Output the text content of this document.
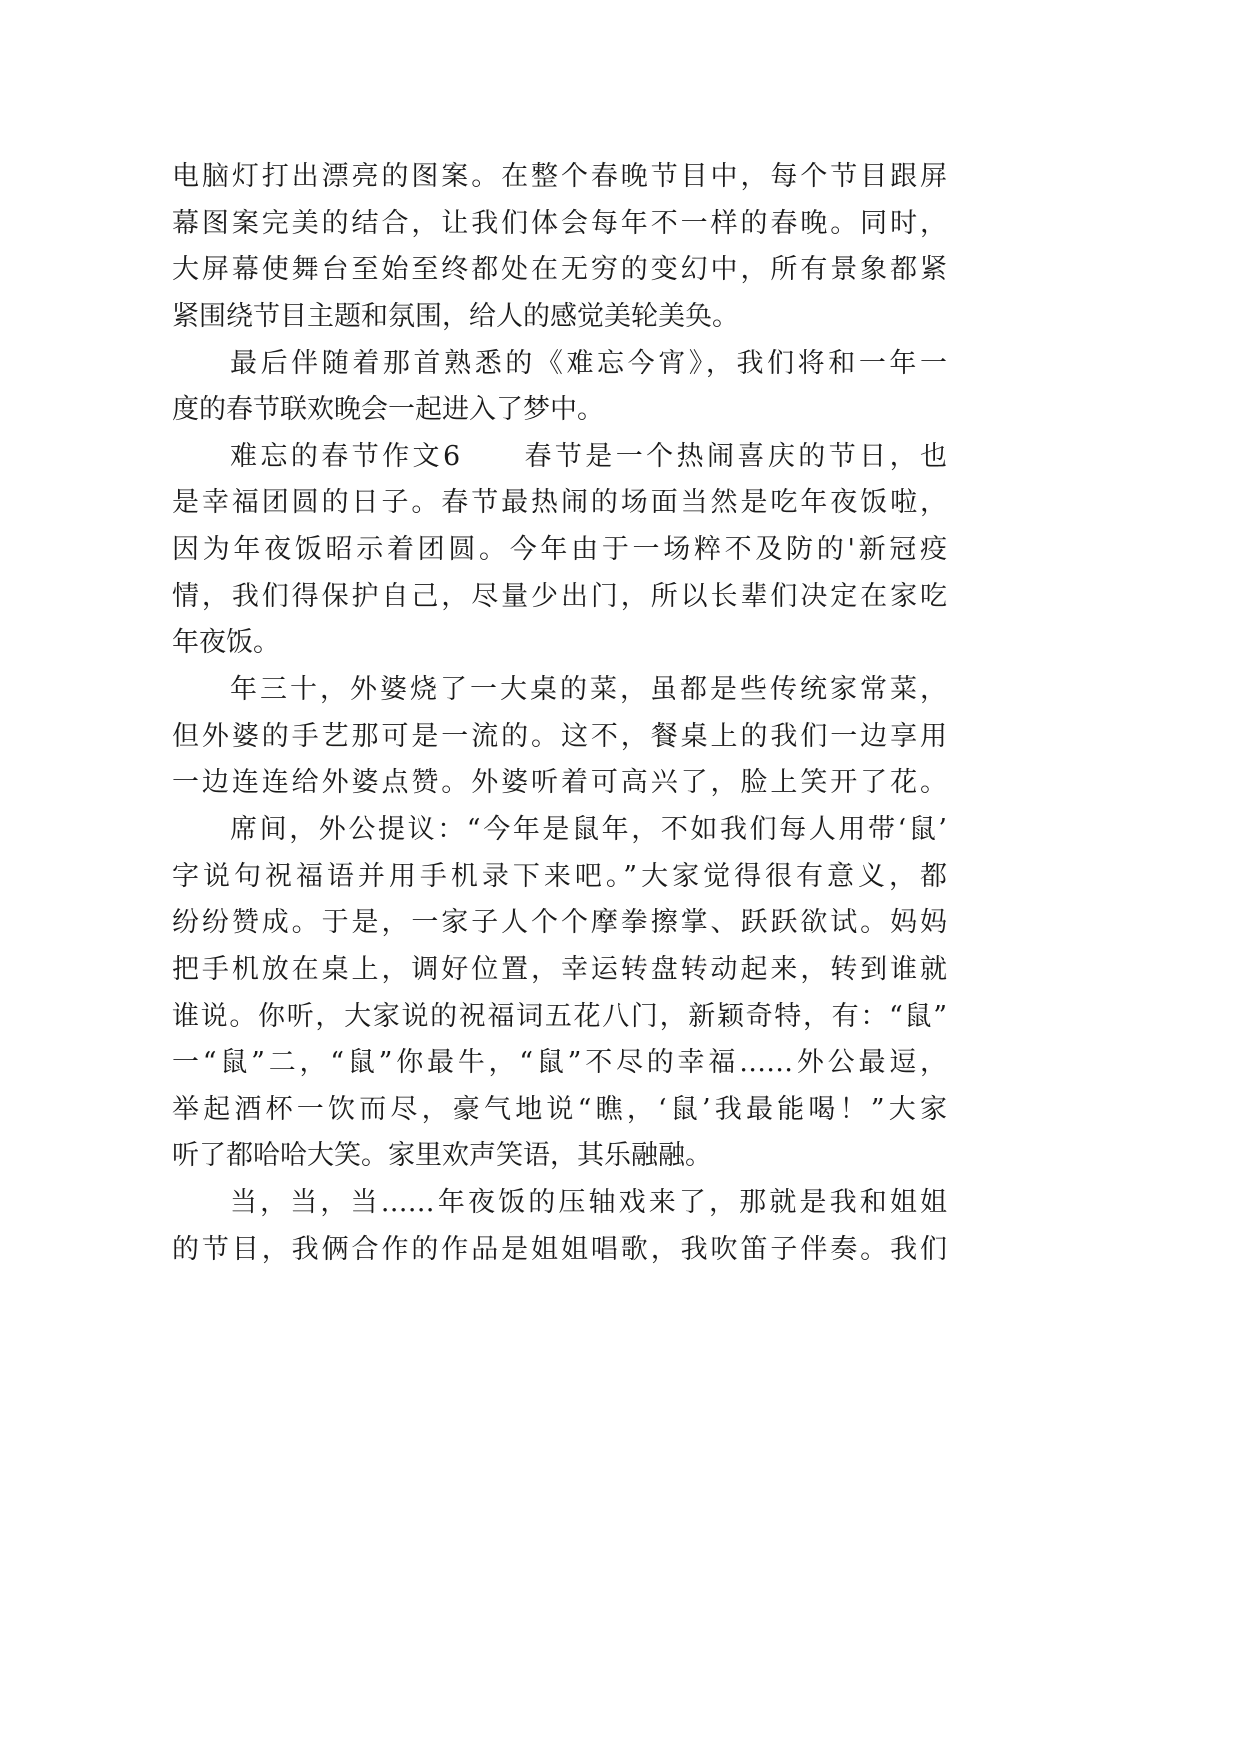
电脑灯打出漂亮的图案。在整个春晚节目中，每个节目跟屏
幕图案完美的结合，让我们体会每年不一样的春晚。同时，
大屏幕使舞台至始至终都处在无穷的变幻中，所有景象都紧
紧围绕节目主题和氛围，给人的感觉美轮美奂。
最后伴随着那首熟悉的《难忘今宵》，我们将和一年一
度的春节联欢晚会一起进入了梦中。
难忘的春节作文6　　春节是一个热闹喜庆的节日，也
是幸福团圆的日子。春节最热闹的场面当然是吃年夜饭啦，
因为年夜饭昭示着团圆。今年由于一场粹不及防的'新冠疫
情，我们得保护自己，尽量少出门，所以长辈们决定在家吃
年夜饭。
年三十，外婆烧了一大桌的菜，虽都是些传统家常菜，
但外婆的手艺那可是一流的。这不，餐桌上的我们一边享用
一边连连给外婆点赞。外婆听着可高兴了，脸上笑开了花。
席间，外公提议：“今年是鼠年，不如我们每人用带‘鼠’
字说句祝福语并用手机录下来吧。”大家觉得很有意义，都
纷纷赞成。于是，一家子人个个摩拳擦掌、跃跃欲试。妈妈
把手机放在桌上，调好位置，幸运转盘转动起来，转到谁就
谁说。你听，大家说的祝福词五花八门，新颖奇特，有：“鼠”
一“鼠”二，“鼠”你最牛，“鼠”不尽的幸福……外公最逗，
举起酒杯一饮而尽，豪气地说“瞧，‘鼠’我最能喝！”大家
听了都哈哈大笑。家里欢声笑语，其乐融融。
当，当，当……年夜饭的压轴戏来了，那就是我和姐姐
的节目，我俩合作的作品是姐姐唱歌，我吹笛子伴奏。我们
